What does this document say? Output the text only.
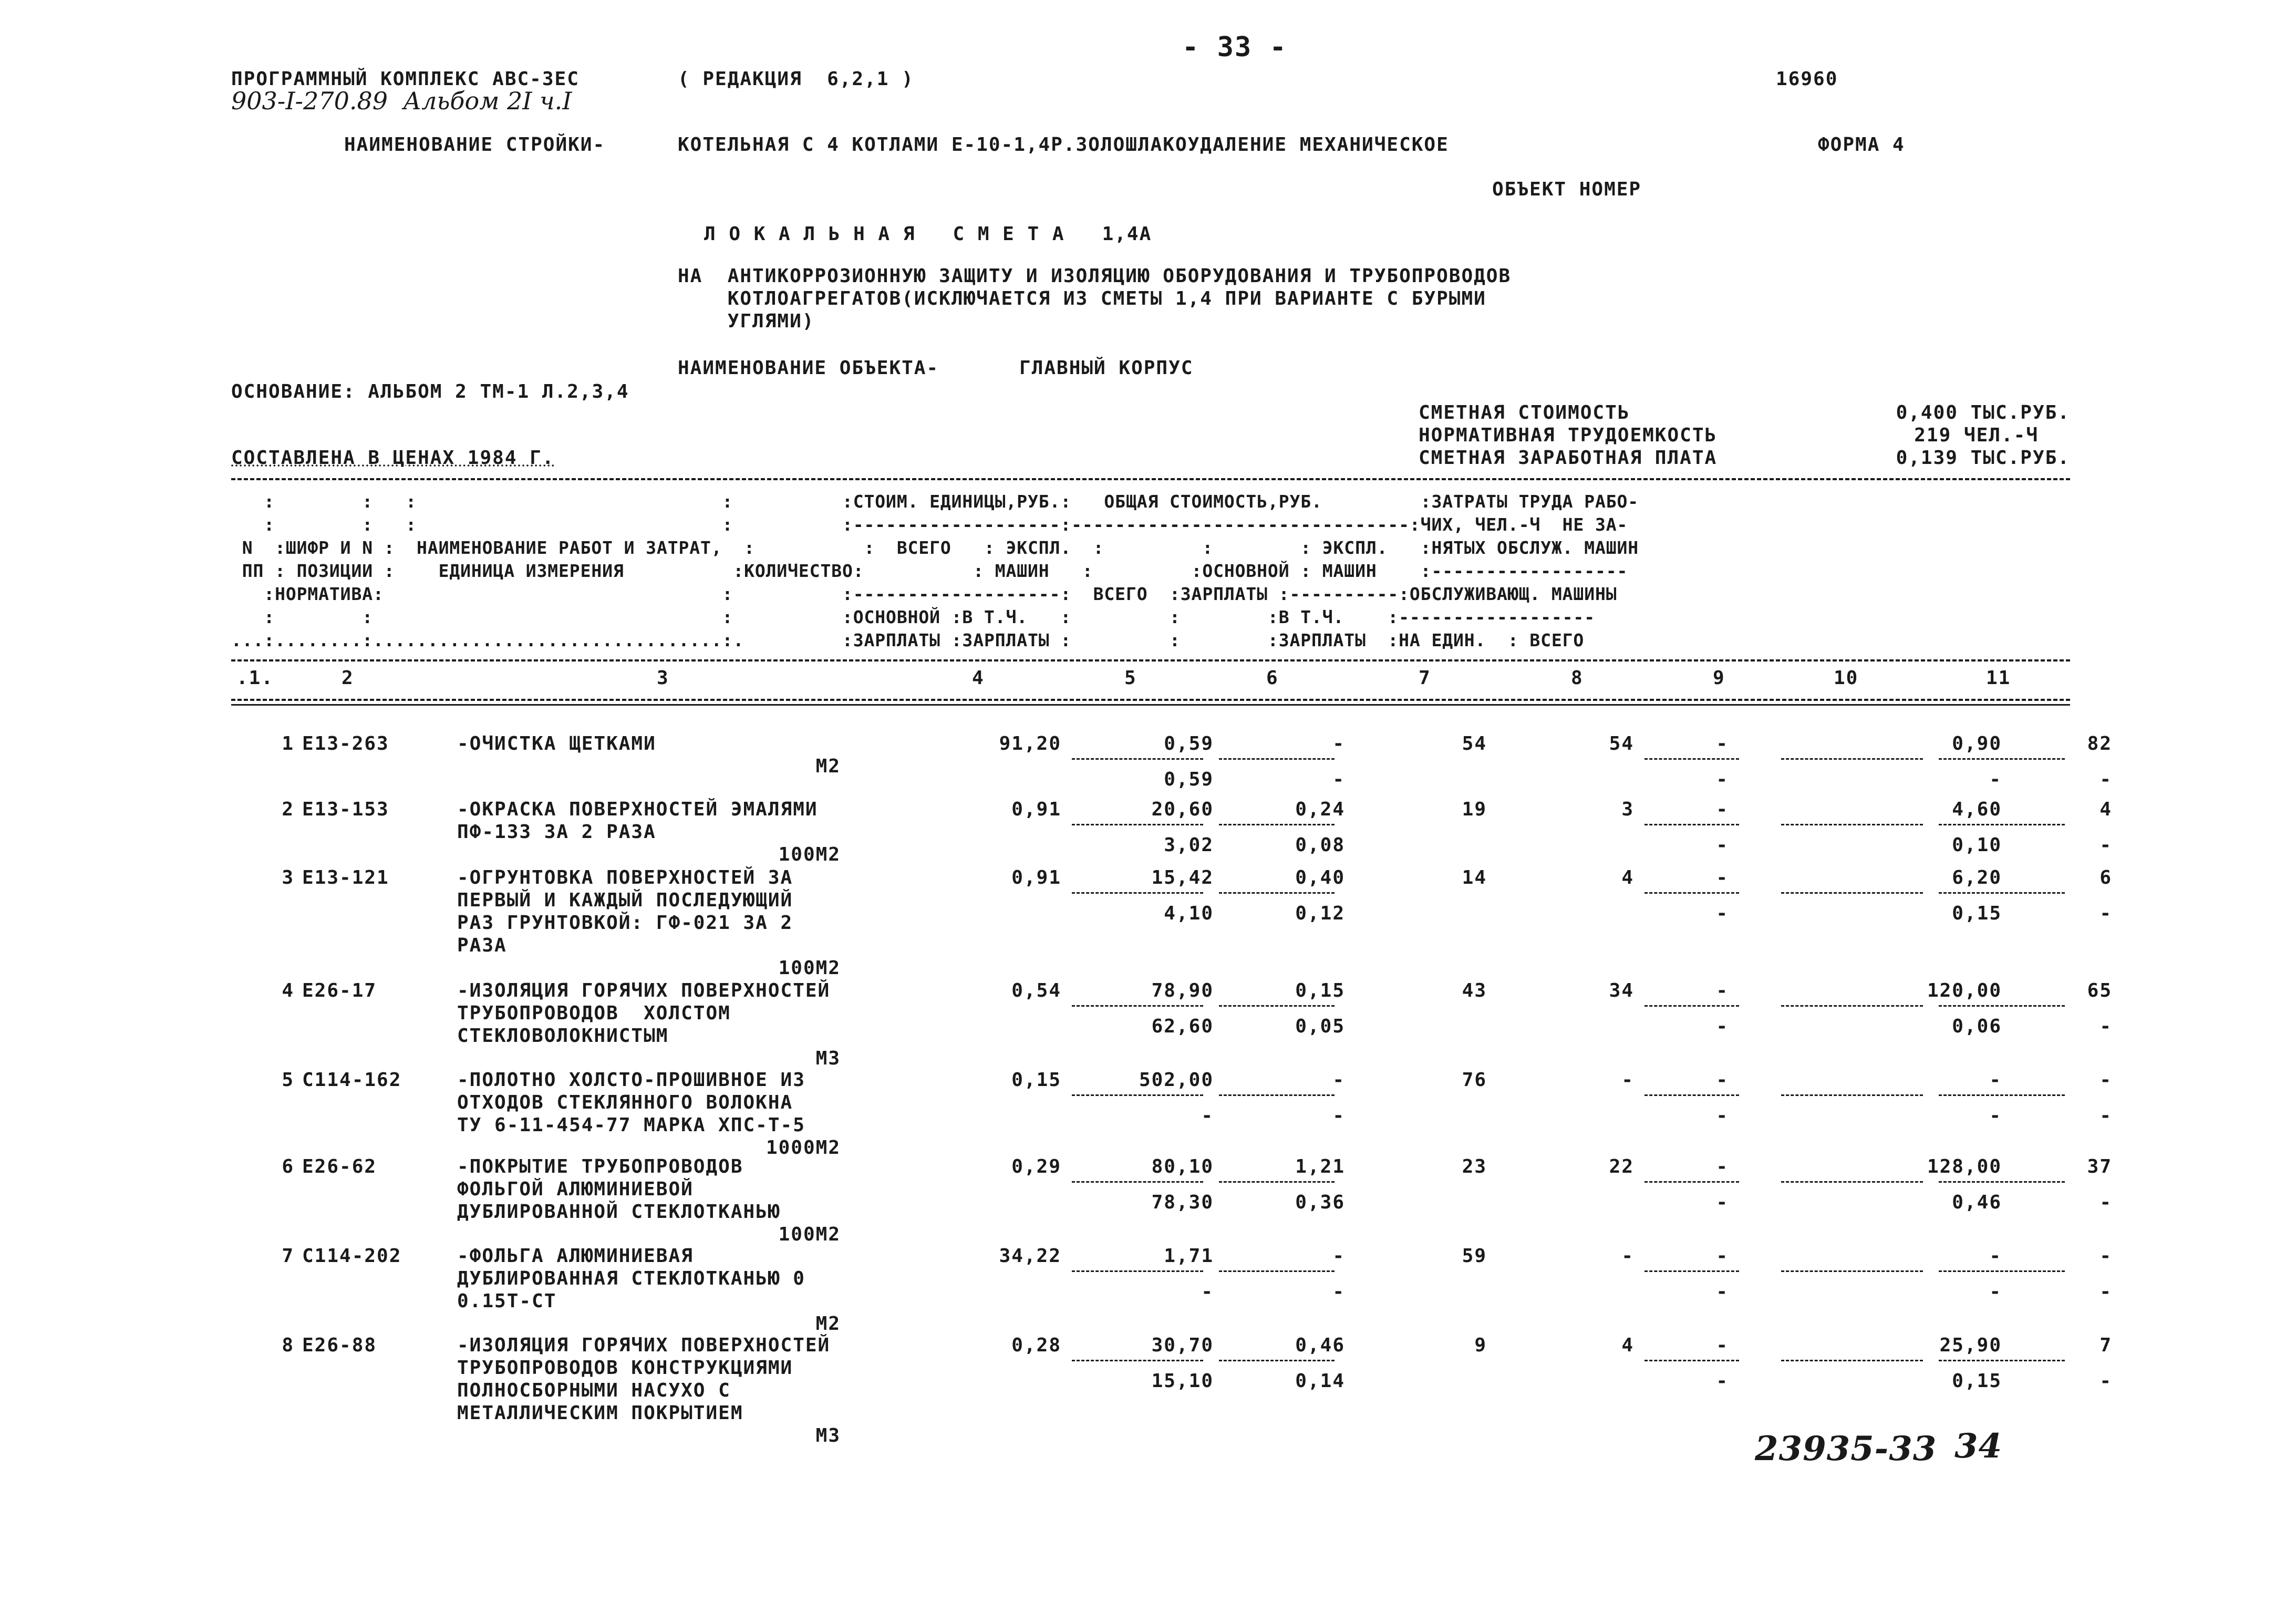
- 33 -
ПРОГРАММНЫЙ КОМПЛЕКС АВС-ЗЕС	( РЕДАКЦИЯ  6,2,1 )	16960
903-I-270.89  Альбом 2I ч.I
НАИМЕНОВАНИЕ СТРОЙКИ-	КОТЕЛЬНАЯ С 4 КОТЛАМИ Е-10-1,4Р.ЗОЛОШЛАКОУДАЛЕНИЕ МЕХАНИЧЕСКОЕ	ФОРМА 4
ОБЪЕКТ НОМЕР
Л О К А Л Ь Н А Я   С М Е Т А   1,4А
НА  АНТИКОРРОЗИОННУЮ ЗАЩИТУ И ИЗОЛЯЦИЮ ОБОРУДОВАНИЯ И ТРУБОПРОВОДОВ
КОТЛОАГРЕГАТОВ(ИСКЛЮЧАЕТСЯ ИЗ СМЕТЫ 1,4 ПРИ ВАРИАНТЕ С БУРЫМИ
УГЛЯМИ)
НАИМЕНОВАНИЕ ОБЪЕКТА-	ГЛАВНЫЙ КОРПУС
ОСНОВАНИЕ: АЛЬБОМ 2 ТМ-1 Л.2,3,4
СМЕТНАЯ СТОИМОСТЬ	0,400 ТЫС.РУБ.
НОРМАТИВНАЯ ТРУДОЕМКОСТЬ	219 ЧЕЛ.-Ч
СОСТАВЛЕНА В ЦЕНАХ 1984 Г.	СМЕТНАЯ ЗАРАБОТНАЯ ПЛАТА	0,139 ТЫС.РУБ.
:        :   :                            :          :СТОИМ. ЕДИНИЦЫ,РУБ.:   ОБЩАЯ СТОИМОСТЬ,РУБ.         :ЗАТРАТЫ ТРУДА РАБО-
:        :   :                            :          :-------------------:-------------------------------:ЧИХ, ЧЕЛ.-Ч  НЕ ЗА-
N  :ШИФР И N :  НАИМЕНОВАНИЕ РАБОТ И ЗАТРАТ,  :          :  ВСЕГО   : ЭКСПЛ.  :         :        : ЭКСПЛ.   :НЯТЫХ ОБСЛУЖ. МАШИН
ПП : ПОЗИЦИИ :    ЕДИНИЦА ИЗМЕРЕНИЯ          :КОЛИЧЕСТВО:          : МАШИН   :         :ОСНОВНОЙ : МАШИН    :------------------
:НОРМАТИВА:                               :          :-------------------:  ВСЕГО  :ЗАРПЛАТЫ :----------:ОБСЛУЖИВАЮЩ. МАШИНЫ
:        :                                :          :ОСНОВНОЙ :В Т.Ч.   :         :        :В Т.Ч.    :------------------
...:........:................................:.         :ЗАРПЛАТЫ :ЗАРПЛАТЫ :         :        :ЗАРПЛАТЫ  :НА ЕДИН.  : ВСЕГО
.1.	2	3	4	5	6	7	8	9	10	11
1 Е13-263	-ОЧИСТКА ЩЕТКАМИ
М2
91,20	0,59	-	54	54	-	0,90	82
0,59	-	-	-	-
2 Е13-153	-ОКРАСКА ПОВЕРХНОСТЕЙ ЭМАЛЯМИ
ПФ-133 ЗА 2 РАЗА
100М2
0,91	20,60	0,24	19	3	-	4,60	4
3,02	0,08	-	0,10	-
3 Е13-121	-ОГРУНТОВКА ПОВЕРХНОСТЕЙ ЗА
ПЕРВЫЙ И КАЖДЫЙ ПОСЛЕДУЮЩИЙ
РАЗ ГРУНТОВКОЙ: ГФ-021 ЗА 2
РАЗА
100М2
0,91	15,42	0,40	14	4	-	6,20	6
4,10	0,12	-	0,15	-
4 Е26-17	-ИЗОЛЯЦИЯ ГОРЯЧИХ ПОВЕРХНОСТЕЙ
ТРУБОПРОВОДОВ  ХОЛСТОМ
СТЕКЛОВОЛОКНИСТЫМ
М3
0,54	78,90	0,15	43	34	-	120,00	65
62,60	0,05	-	0,06	-
5 С114-162	-ПОЛОТНО ХОЛСТО-ПРОШИВНОЕ ИЗ
ОТХОДОВ СТЕКЛЯННОГО ВОЛОКНА
ТУ 6-11-454-77 МАРКА ХПС-Т-5
1000М2
0,15	502,00	-	76	-	-	-	-
-	-	-	-	-
6 Е26-62	-ПОКРЫТИЕ ТРУБОПРОВОДОВ
ФОЛЬГОЙ АЛЮМИНИЕВОЙ
ДУБЛИРОВАННОЙ СТЕКЛОТКАНЬЮ
100М2
0,29	80,10	1,21	23	22	-	128,00	37
78,30	0,36	-	0,46	-
7 С114-202	-ФОЛЬГА АЛЮМИНИЕВАЯ
ДУБЛИРОВАННАЯ СТЕКЛОТКАНЬЮ 0
0.15Т-СТ
М2
34,22	1,71	-	59	-	-	-	-
-	-	-	-	-
8 Е26-88	-ИЗОЛЯЦИЯ ГОРЯЧИХ ПОВЕРХНОСТЕЙ
ТРУБОПРОВОДОВ КОНСТРУКЦИЯМИ
ПОЛНОСБОРНЫМИ НАСУХО С
МЕТАЛЛИЧЕСКИМ ПОКРЫТИЕМ
М3
0,28	30,70	0,46	9	4	-	25,90	7
15,10	0,14	-	0,15	-
23935-33 34
